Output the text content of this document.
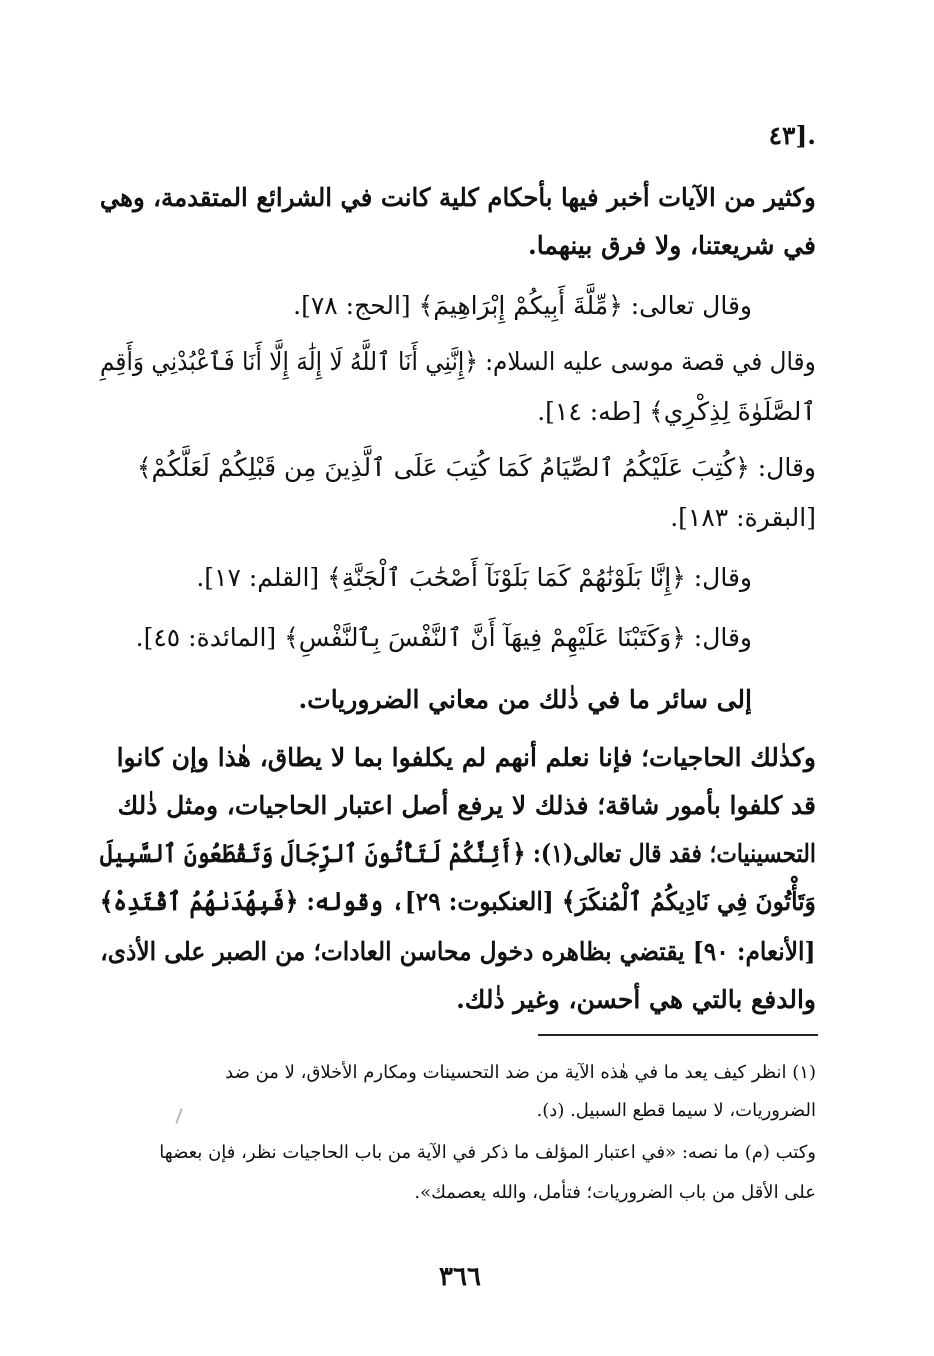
.[٤٣
وكثير من الآيات أخبر فيها بأحكام كلية كانت في الشرائع المتقدمة، وهي
في شريعتنا، ولا فرق بينهما.
وقال تعالى: ﴿مِّلَّةَ أَبِيكُمْ إِبْرَاهِيمَ﴾ [الحج: ٧٨].
وقال في قصة موسى عليه السلام: ﴿إِنَّنِي أَنَا ٱللَّهُ لَا إِلَٰهَ إِلَّا أَنَا فَٱعْبُدْنِي وَأَقِمِ
ٱلصَّلَوٰةَ لِذِكْرِي﴾ [طه: ١٤].
وقال: ﴿كُتِبَ عَلَيْكُمُ ٱلصِّيَامُ كَمَا كُتِبَ عَلَى ٱلَّذِينَ مِن قَبْلِكُمْ لَعَلَّكُمْ﴾
[البقرة: ١٨٣].
وقال: ﴿إِنَّا بَلَوْنَٰهُمْ كَمَا بَلَوْنَآ أَصْحَٰبَ ٱلْجَنَّةِ﴾ [القلم: ١٧].
وقال: ﴿وَكَتَبْنَا عَلَيْهِمْ فِيهَآ أَنَّ ٱلنَّفْسَ بِٱلنَّفْسِ﴾ [المائدة: ٤٥].
إلى سائر ما في ذٰلك من معاني الضروريات.
وكذٰلك الحاجيات؛ فإنا نعلم أنهم لم يكلفوا بما لا يطاق، هٰذا وإن كانوا
قد كلفوا بأمور شاقة؛ فذلك لا يرفع أصل اعتبار الحاجيات، ومثل ذٰلك
التحسينيات؛ فقد قال تعالى(١): ﴿أَئِنَّكُمْ لَتَأْتُونَ ٱلرِّجَالَ وَتَقْطَعُونَ ٱلسَّبِيلَ
وَتَأْتُونَ فِي نَادِيكُمُ ٱلْمُنكَرَ﴾ [العنكبوت: ٢٩]، وقوله: ﴿فَبِهُدَىٰهُمُ ٱقْتَدِهْ﴾
[الأنعام: ٩٠] يقتضي بظاهره دخول محاسن العادات؛ من الصبر على الأذى،
والدفع بالتي هي أحسن، وغير ذٰلك.
(١) انظر كيف يعد ما في هٰذه الآية من ضد التحسينات ومكارم الأخلاق، لا من ضد
الضروريات، لا سيما قطع السبيل. (د).
وكتب (م) ما نصه: «في اعتبار المؤلف ما ذكر في الآية من باب الحاجيات نظر، فإن بعضها
على الأقل من باب الضروريات؛ فتأمل، والله يعصمك».
٣٦٦
